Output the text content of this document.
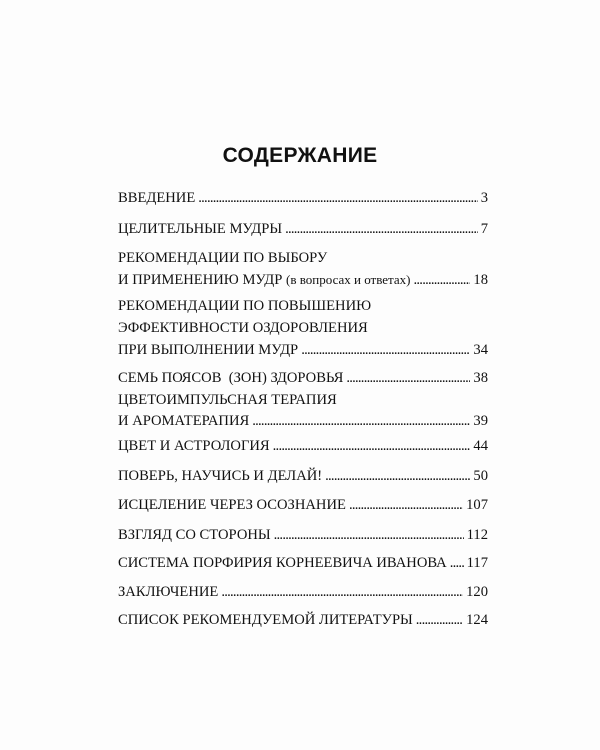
СОДЕРЖАНИЕ
ВВЕДЕНИЕ . . .	3
ЦЕЛИТЕЛЬНЫЕ МУДРЫ . . .	7
РЕКОМЕНДАЦИИ ПО ВЫБОРУ
И ПРИМЕНЕНИЮ МУДР (в вопросах и ответах) . . .	18
РЕКОМЕНДАЦИИ ПО ПОВЫШЕНИЮ
ЭФФЕКТИВНОСТИ ОЗДОРОВЛЕНИЯ
ПРИ ВЫПОЛНЕНИИ МУДР . . .	34
СЕМЬ ПОЯСОВ  (ЗОН) ЗДОРОВЬЯ . . .	38
ЦВЕТОИМПУЛЬСНАЯ ТЕРАПИЯ
И АРОМАТЕРАПИЯ . . .	39
ЦВЕТ И АСТРОЛОГИЯ . . .	44
ПОВЕРЬ, НАУЧИСЬ И ДЕЛАЙ! . . .	50
ИСЦЕЛЕНИЕ ЧЕРЕЗ ОСОЗНАНИЕ . . .	107
ВЗГЛЯД СО СТОРОНЫ . . .	112
СИСТЕМА ПОРФИРИЯ КОРНЕЕВИЧА ИВАНОВА . . . 117
ЗАКЛЮЧЕНИЕ . . .	120
СПИСОК РЕКОМЕНДУЕМОЙ ЛИТЕРАТУРЫ . . .	124
